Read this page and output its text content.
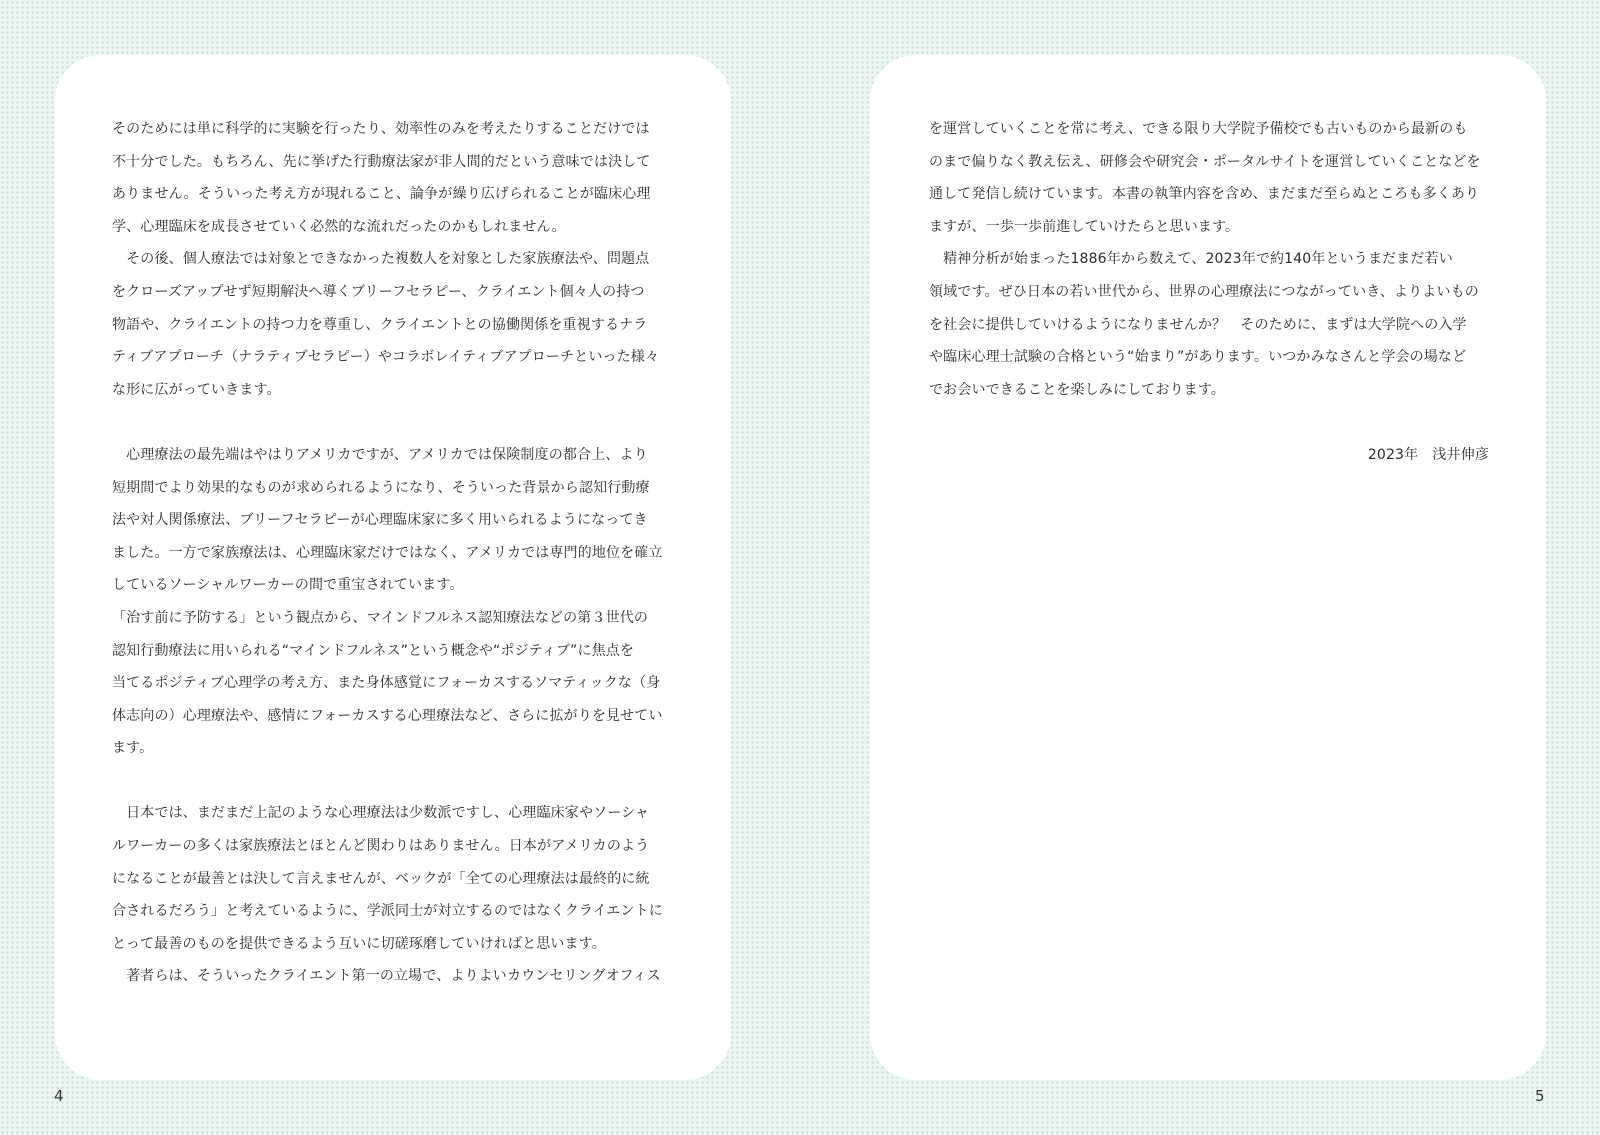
そのためには単に科学的に実験を行ったり、効率性のみを考えたりすることだけでは
不十分でした。もちろん、先に挙げた行動療法家が非人間的だという意味では決して
ありません。そういった考え方が現れること、論争が繰り広げられることが臨床心理
学、心理臨床を成長させていく必然的な流れだったのかもしれません。
　その後、個人療法では対象とできなかった複数人を対象とした家族療法や、問題点
をクローズアップせず短期解決へ導くブリーフセラピー、クライエント個々人の持つ
物語や、クライエントの持つ力を尊重し、クライエントとの協働関係を重視するナラ
ティブアプローチ（ナラティブセラピー）やコラボレイティブアプローチといった様々
な形に広がっていきます。
　心理療法の最先端はやはりアメリカですが、アメリカでは保険制度の都合上、より
短期間でより効果的なものが求められるようになり、そういった背景から認知行動療
法や対人関係療法、ブリーフセラピーが心理臨床家に多く用いられるようになってき
ました。一方で家族療法は、心理臨床家だけではなく、アメリカでは専門的地位を確立
しているソーシャルワーカーの間で重宝されています。
「治す前に予防する」という観点から、マインドフルネス認知療法などの第３世代の
認知行動療法に用いられる“マインドフルネス”という概念や“ポジティブ”に焦点を
当てるポジティブ心理学の考え方、また身体感覚にフォーカスするソマティックな（身
体志向の）心理療法や、感情にフォーカスする心理療法など、さらに拡がりを見せてい
ます。
　日本では、まだまだ上記のような心理療法は少数派ですし、心理臨床家やソーシャ
ルワーカーの多くは家族療法とほとんど関わりはありません。日本がアメリカのよう
になることが最善とは決して言えませんが、ベックが「全ての心理療法は最終的に統
合されるだろう」と考えているように、学派同士が対立するのではなくクライエントに
とって最善のものを提供できるよう互いに切磋琢磨していければと思います。
　著者らは、そういったクライエント第一の立場で、よりよいカウンセリングオフィス
を運営していくことを常に考え、できる限り大学院予備校でも古いものから最新のも
のまで偏りなく教え伝え、研修会や研究会・ポータルサイトを運営していくことなどを
通して発信し続けています。本書の執筆内容を含め、まだまだ至らぬところも多くあり
ますが、一歩一歩前進していけたらと思います。
　精神分析が始まった1886年から数えて、2023年で約140年というまだまだ若い
領域です。ぜひ日本の若い世代から、世界の心理療法につながっていき、よりよいもの
を社会に提供していけるようになりませんか？　そのために、まずは大学院への入学
や臨床心理士試験の合格という“始まり”があります。いつかみなさんと学会の場など
でお会いできることを楽しみにしております。
2023年　浅井伸彦
4	5
